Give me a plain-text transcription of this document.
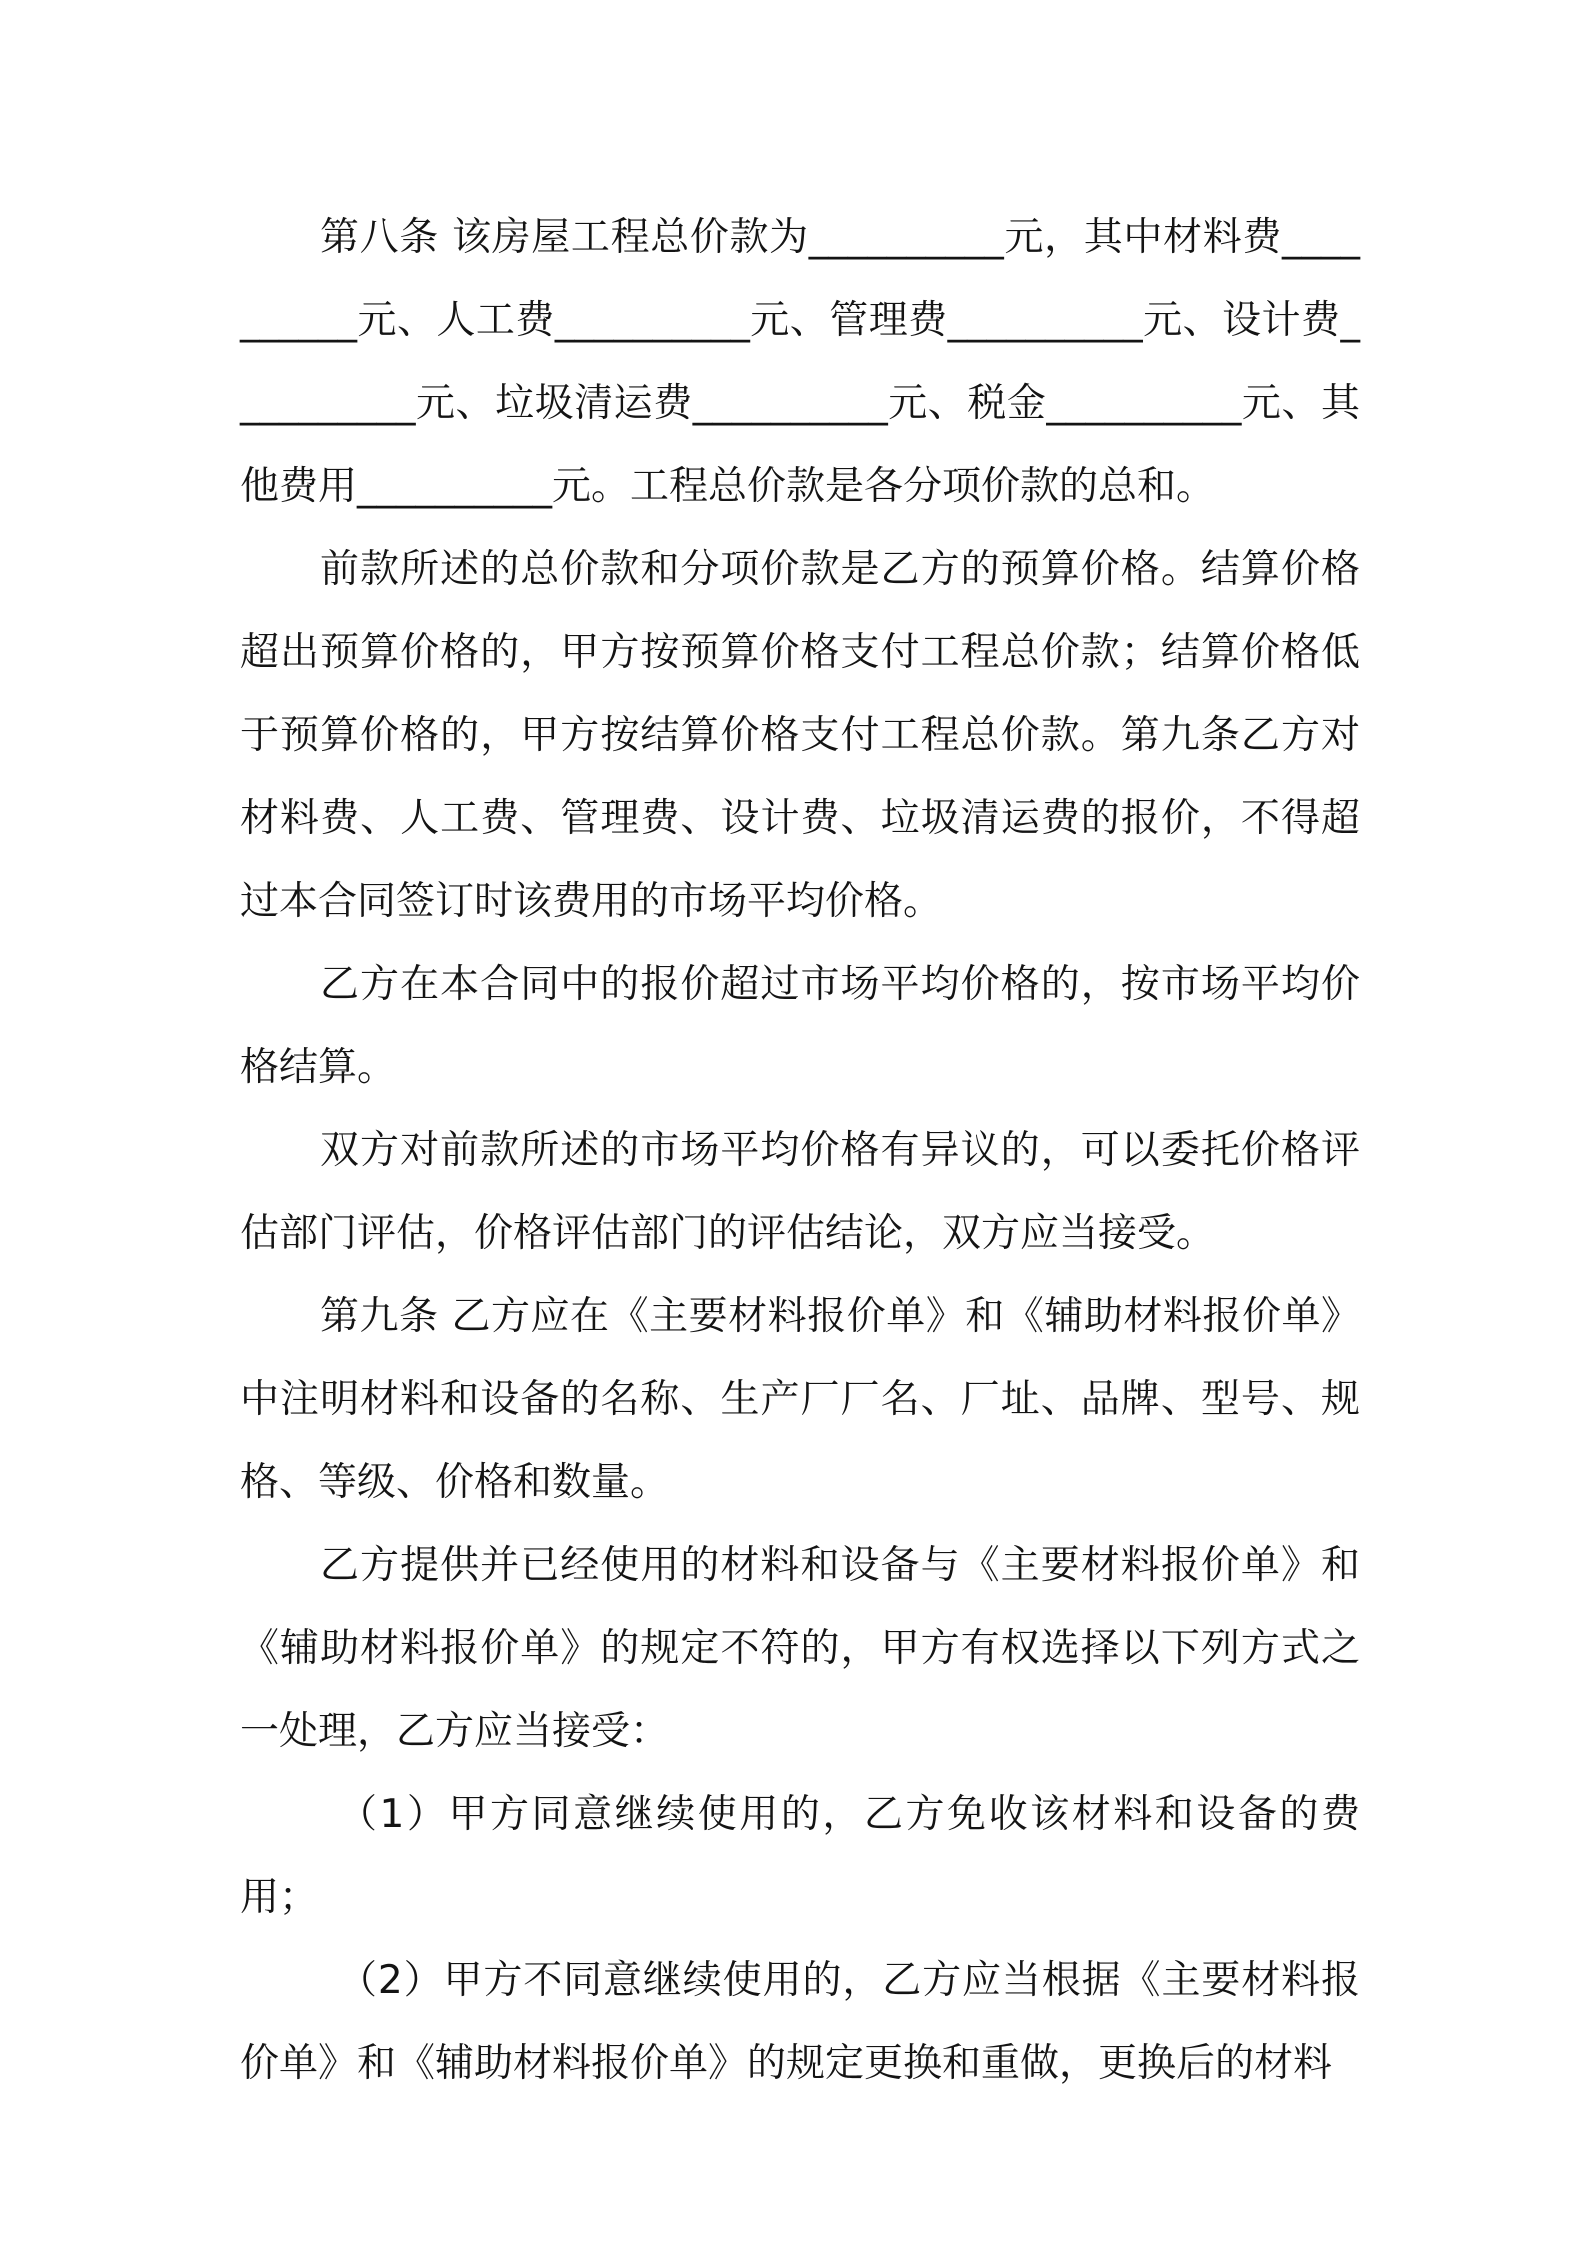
第八条 该房屋工程总价款为__________元，其中材料费__________元、人工费__________元、管理费__________元、设计费__________元、垃圾清运费__________元、税金__________元、其他费用__________元。工程总价款是各分项价款的总和。

前款所述的总价款和分项价款是乙方的预算价格。结算价格超出预算价格的，甲方按预算价格支付工程总价款；结算价格低于预算价格的，甲方按结算价格支付工程总价款。第九条乙方对材料费、人工费、管理费、设计费、垃圾清运费的报价，不得超过本合同签订时该费用的市场平均价格。

乙方在本合同中的报价超过市场平均价格的，按市场平均价格结算。

双方对前款所述的市场平均价格有异议的，可以委托价格评估部门评估，价格评估部门的评估结论，双方应当接受。

第九条 乙方应在《主要材料报价单》和《辅助材料报价单》中注明材料和设备的名称、生产厂厂名、厂址、品牌、型号、规格、等级、价格和数量。

乙方提供并已经使用的材料和设备与《主要材料报价单》和《辅助材料报价单》的规定不符的，甲方有权选择以下列方式之一处理，乙方应当接受：

（1）甲方同意继续使用的，乙方免收该材料和设备的费用；

（2）甲方不同意继续使用的，乙方应当根据《主要材料报价单》和《辅助材料报价单》的规定更换和重做，更换后的材料
